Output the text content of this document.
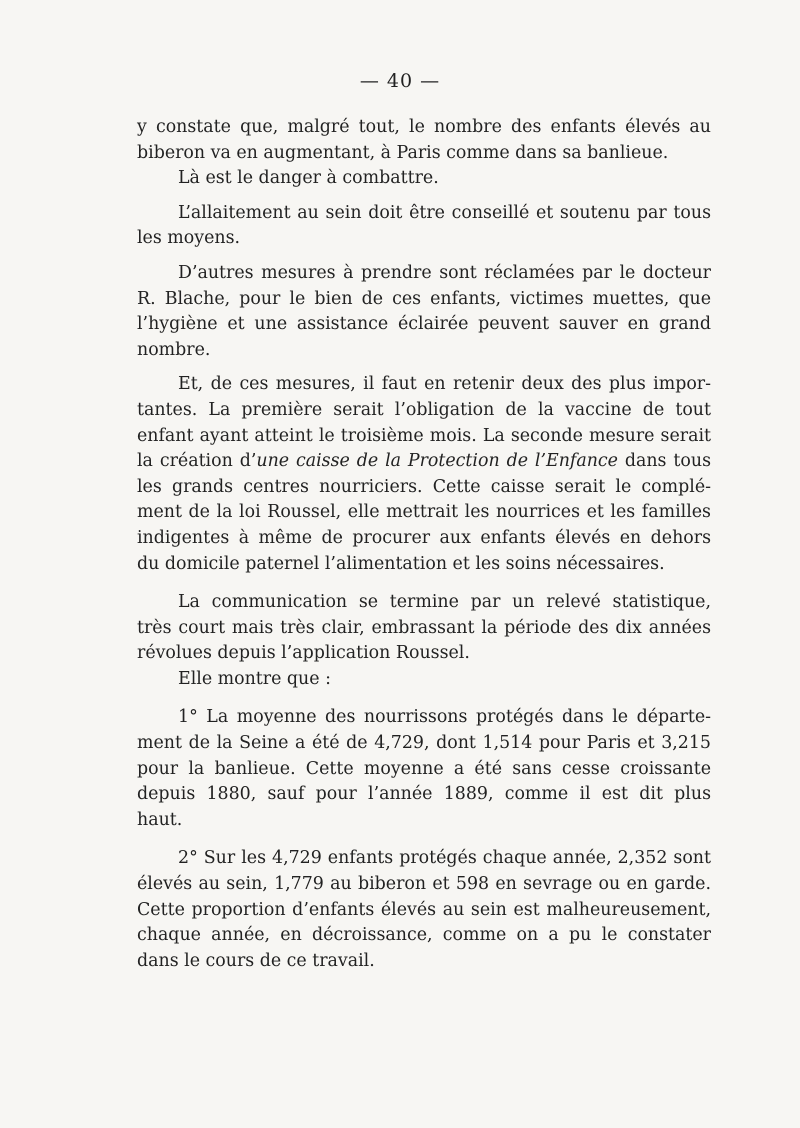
— 40 —

y constate que, malgré tout, le nombre des enfants élevés au
biberon va en augmentant, à Paris comme dans sa banlieue.

Là est le danger à combattre.

L’allaitement au sein doit être conseillé et soutenu par tous
les moyens.

D’autres mesures à prendre sont réclamées par le docteur
R. Blache, pour le bien de ces enfants, victimes muettes, que
l’hygiène et une assistance éclairée peuvent sauver en grand
nombre.

Et, de ces mesures, il faut en retenir deux des plus impor-
tantes. La première serait l’obligation de la vaccine de tout
enfant ayant atteint le troisième mois. La seconde mesure serait
la création d’une caisse de la Protection de l’Enfance dans tous
les grands centres nourriciers. Cette caisse serait le complé-
ment de la loi Roussel, elle mettrait les nourrices et les familles
indigentes à même de procurer aux enfants élevés en dehors
du domicile paternel l’alimentation et les soins nécessaires.

La communication se termine par un relevé statistique,
très court mais très clair, embrassant la période des dix années
révolues depuis l’application Roussel.

Elle montre que :

1° La moyenne des nourrissons protégés dans le départe-
ment de la Seine a été de 4,729, dont 1,514 pour Paris et 3,215
pour la banlieue. Cette moyenne a été sans cesse croissante
depuis 1880, sauf pour l’année 1889, comme il est dit plus
haut.

2° Sur les 4,729 enfants protégés chaque année, 2,352 sont
élevés au sein, 1,779 au biberon et 598 en sevrage ou en garde.
Cette proportion d’enfants élevés au sein est malheureusement,
chaque année, en décroissance, comme on a pu le constater
dans le cours de ce travail.
